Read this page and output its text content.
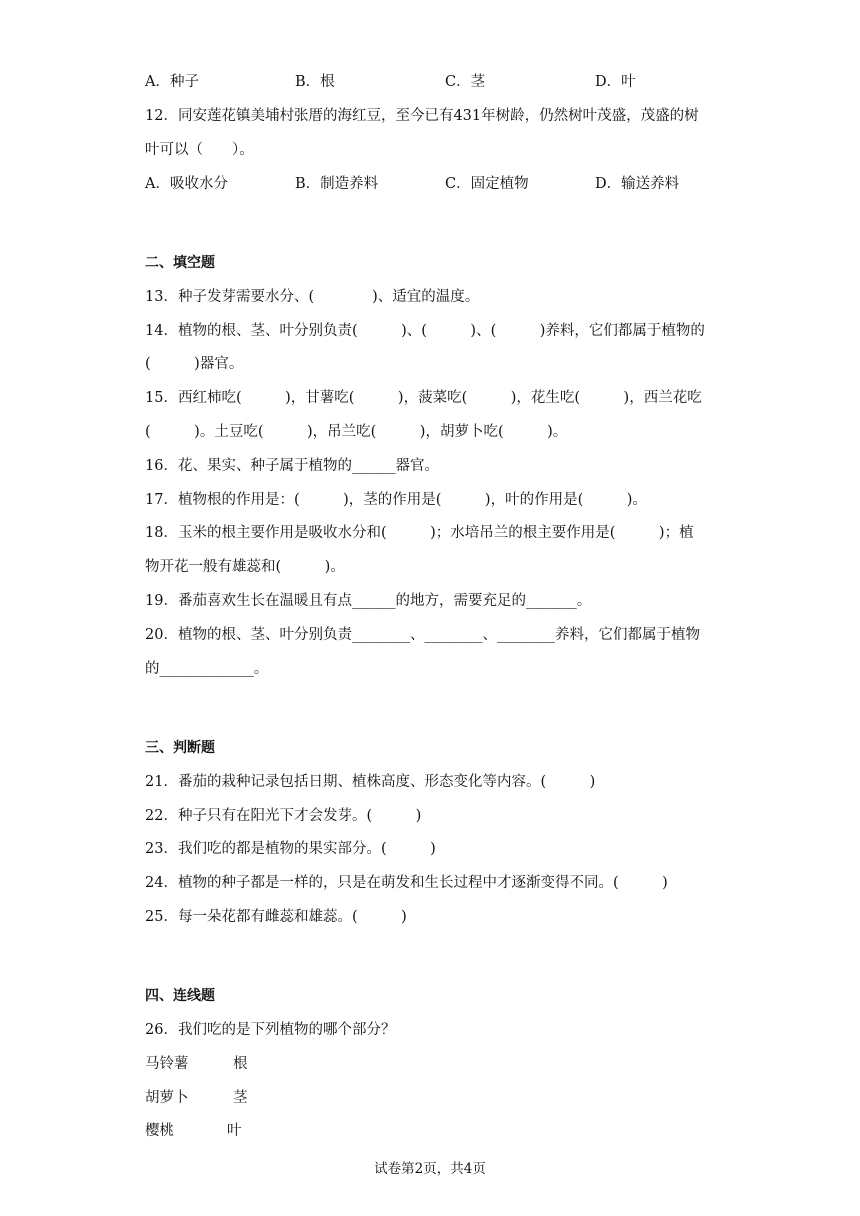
A．种子	B．根	C．茎	D．叶
12．同安莲花镇美埔村张厝的海红豆，至今已有431年树龄，仍然树叶茂盛，茂盛的树
叶可以（　　）。
A．吸收水分	B．制造养料	C．固定植物	D．输送养料
二、填空题
13．种子发芽需要水分、(　　　　)、适宜的温度。
14．植物的根、茎、叶分别负责(　　　)、(　　　)、(　　　)养料，它们都属于植物的
(　　　)器官。
15．西红柿吃(　　　)，甘薯吃(　　　)，菠菜吃(　　　)，花生吃(　　　)，西兰花吃
(　　　)。土豆吃(　　　)，吊兰吃(　　　)，胡萝卜吃(　　　)。
16．花、果实、种子属于植物的______器官。
17．植物根的作用是：(　　　)，茎的作用是(　　　)，叶的作用是(　　　)。
18．玉米的根主要作用是吸收水分和(　　　)；水培吊兰的根主要作用是(　　　)；植
物开花一般有雄蕊和(　　　)。
19．番茄喜欢生长在温暖且有点______的地方，需要充足的_______。
20．植物的根、茎、叶分别负责________、________、________养料，它们都属于植物
的_____________。
三、判断题
21．番茄的栽种记录包括日期、植株高度、形态变化等内容。(　　　)
22．种子只有在阳光下才会发芽。(　　　)
23．我们吃的都是植物的果实部分。(　　　)
24．植物的种子都是一样的，只是在萌发和生长过程中才逐渐变得不同。(　　　)
25．每一朵花都有雌蕊和雄蕊。(　　　)
四、连线题
26．我们吃的是下列植物的哪个部分？
马铃薯	根
胡萝卜	茎
樱桃	叶
试卷第2页，共4页
